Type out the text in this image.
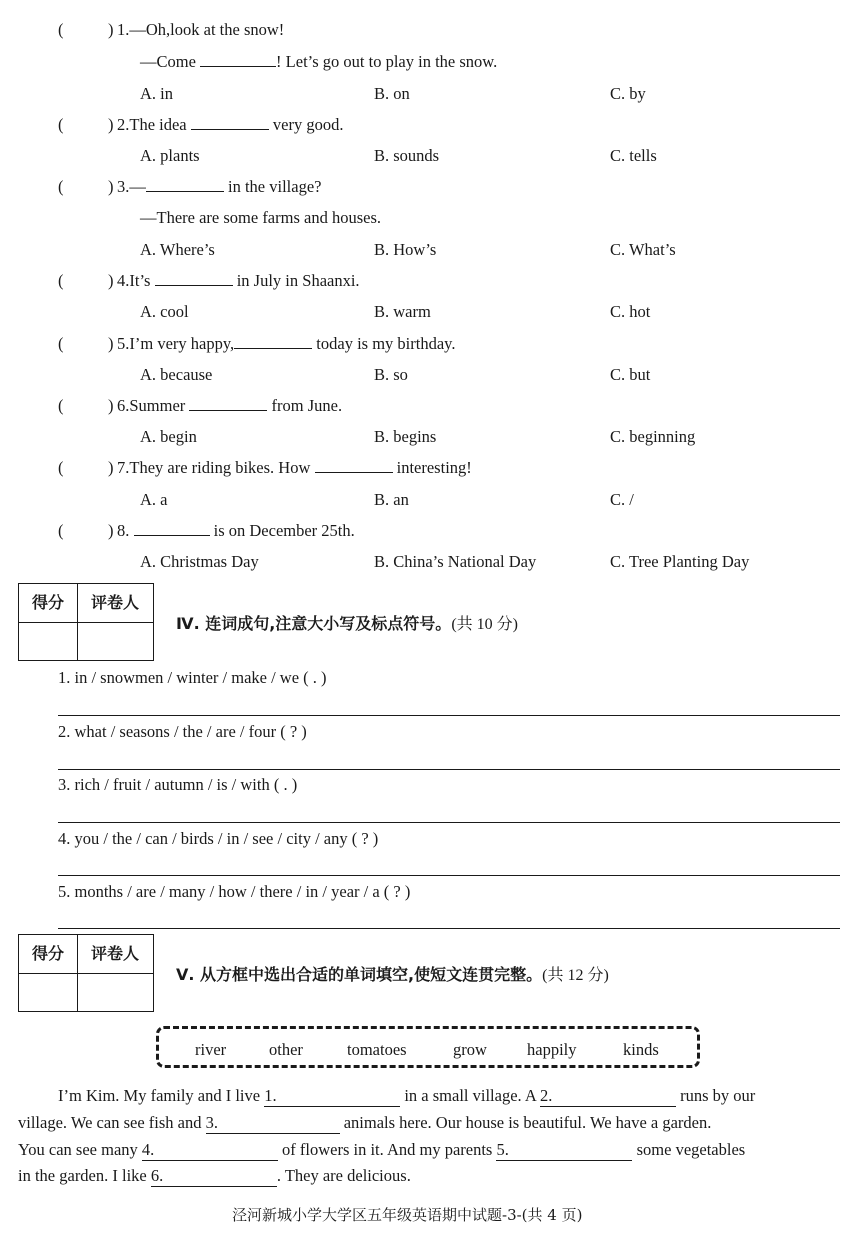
(	) 1.—Oh,look at the snow!
—Come	! Let’s go out to play in the snow.
A. in	B. on	C. by
(	) 2.The idea	very good.
A. plants	B. sounds	C. tells
(	) 3.—	in the village?
—There are some farms and houses.
A. Where’s	B. How’s	C. What’s
(	) 4.It’s	in July in Shaanxi.
A. cool	B. warm	C. hot
(	) 5.I’m very happy,	today is my birthday.
A. because	B. so	C. but
(	) 6.Summer	from June.
A. begin	B. begins	C. beginning
(	) 7.They are riding bikes. How	interesting!
A. a	B. an	C. /
(	) 8.	is on December 25th.
A. Christmas Day	B. China’s National Day	C. Tree Planting Day
得分	评卷人
Ⅳ. 连词成句,注意大小写及标点符号。(共 10 分)
1. in / snowmen / winter / make / we ( . )
2. what / seasons / the / are / four ( ? )
3. rich / fruit / autumn / is / with ( . )
4. you / the / can / birds / in / see / city / any ( ? )
5. months / are / many / how / there / in / year / a ( ? )
得分	评卷人
Ⅴ. 从方框中选出合适的单词填空,使短文连贯完整。(共 12 分)
river	other	tomatoes	grow happily	kinds
I’m Kim. My family and I live 1.	in a small village. A 2.	runs by our
village. We can see fish and 3.	animals here. Our house is beautiful. We have a garden.
You can see many 4.	of flowers in it. And my parents 5.	some vegetables
in the garden. I like 6.	. They are delicious.
泾河新城小学大学区五年级英语期中试题-3-(共 4 页)
